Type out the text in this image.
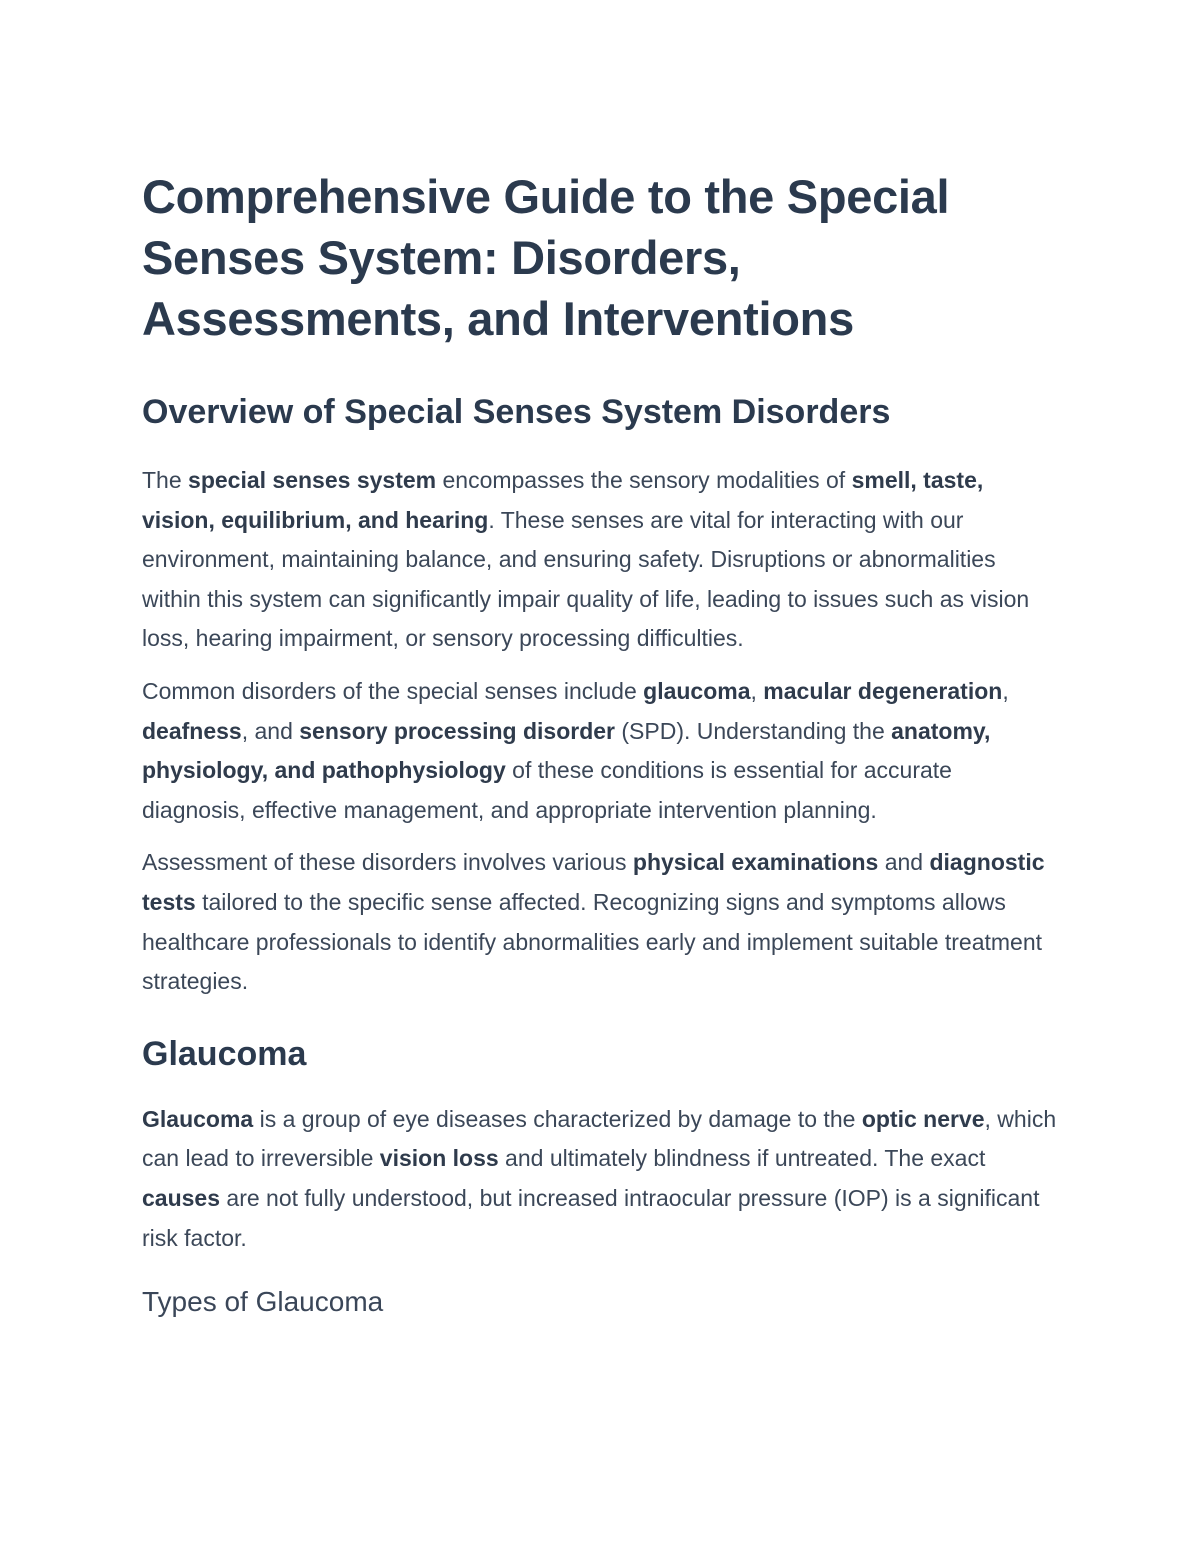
Comprehensive Guide to the Special Senses System: Disorders, Assessments, and Interventions
Overview of Special Senses System Disorders

The special senses system encompasses the sensory modalities of smell, taste, vision, equilibrium, and hearing. These senses are vital for interacting with our environment, maintaining balance, and ensuring safety. Disruptions or abnormalities within this system can significantly impair quality of life, leading to issues such as vision loss, hearing impairment, or sensory processing difficulties.

Common disorders of the special senses include glaucoma, macular degeneration, deafness, and sensory processing disorder (SPD). Understanding the anatomy, physiology, and pathophysiology of these conditions is essential for accurate diagnosis, effective management, and appropriate intervention planning.

Assessment of these disorders involves various physical examinations and diagnostic tests tailored to the specific sense affected. Recognizing signs and symptoms allows healthcare professionals to identify abnormalities early and implement suitable treatment strategies.

Glaucoma

Glaucoma is a group of eye diseases characterized by damage to the optic nerve, which can lead to irreversible vision loss and ultimately blindness if untreated. The exact causes are not fully understood, but increased intraocular pressure (IOP) is a significant risk factor.

Types of Glaucoma
